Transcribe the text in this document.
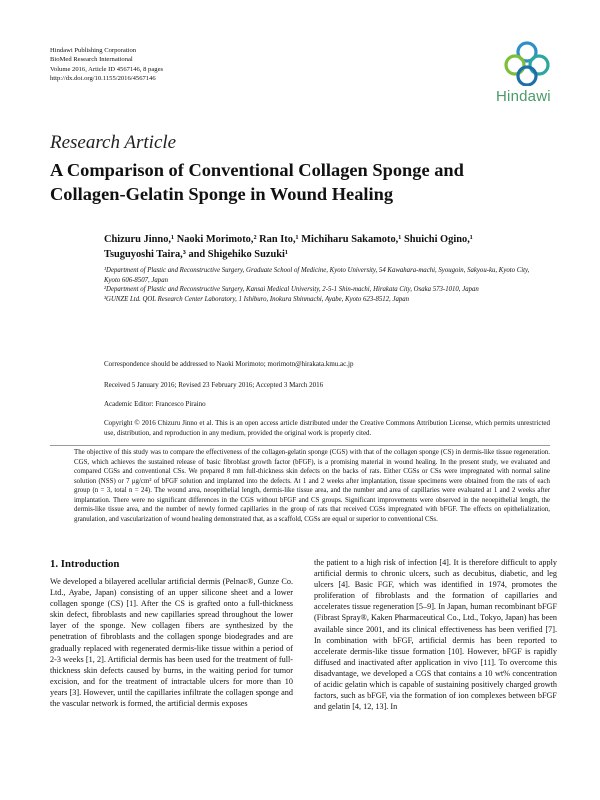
Hindawi Publishing Corporation
BioMed Research International
Volume 2016, Article ID 4567146, 8 pages
http://dx.doi.org/10.1155/2016/4567146
Hindawi
Research Article
A Comparison of Conventional Collagen Sponge and Collagen-Gelatin Sponge in Wound Healing
Chizuru Jinno,¹ Naoki Morimoto,² Ran Ito,¹ Michiharu Sakamoto,¹ Shuichi Ogino,¹ Tsuguyoshi Taira,³ and Shigehiko Suzuki¹
¹Department of Plastic and Reconstructive Surgery, Graduate School of Medicine, Kyoto University, 54 Kawahara-machi, Syougoin, Sakyou-ku, Kyoto City, Kyoto 606-8507, Japan
²Department of Plastic and Reconstructive Surgery, Kansai Medical University, 2-5-1 Shin-machi, Hirakata City, Osaka 573-1010, Japan
³GUNZE Ltd. QOL Research Center Laboratory, 1 Ishiburo, Inokura Shinmachi, Ayabe, Kyoto 623-8512, Japan
Correspondence should be addressed to Naoki Morimoto; morimotn@hirakata.kmu.ac.jp
Received 5 January 2016; Revised 23 February 2016; Accepted 3 March 2016
Academic Editor: Francesco Piraino
Copyright © 2016 Chizuru Jinno et al. This is an open access article distributed under the Creative Commons Attribution License, which permits unrestricted use, distribution, and reproduction in any medium, provided the original work is properly cited.
The objective of this study was to compare the effectiveness of the collagen-gelatin sponge (CGS) with that of the collagen sponge (CS) in dermis-like tissue regeneration. CGS, which achieves the sustained release of basic fibroblast growth factor (bFGF), is a promising material in wound healing. In the present study, we evaluated and compared CGSs and conventional CSs. We prepared 8 mm full-thickness skin defects on the backs of rats. Either CGSs or CSs were impregnated with normal saline solution (NSS) or 7 μg/cm² of bFGF solution and implanted into the defects. At 1 and 2 weeks after implantation, tissue specimens were obtained from the rats of each group (n = 3, total n = 24). The wound area, neoepithelial length, dermis-like tissue area, and the number and area of capillaries were evaluated at 1 and 2 weeks after implantation. There were no significant differences in the CGS without bFGF and CS groups. Significant improvements were observed in the neoepithelial length, the dermis-like tissue area, and the number of newly formed capillaries in the group of rats that received CGSs impregnated with bFGF. The effects on epithelialization, granulation, and vascularization of wound healing demonstrated that, as a scaffold, CGSs are equal or superior to conventional CSs.
1. Introduction

We developed a bilayered acellular artificial dermis (Pelnac®, Gunze Co. Ltd., Ayabe, Japan) consisting of an upper silicone sheet and a lower collagen sponge (CS) [1]. After the CS is grafted onto a full-thickness skin defect, fibroblasts and new capillaries spread throughout the lower layer of the sponge. New collagen fibers are synthesized by the penetration of fibroblasts and the collagen sponge biodegrades and are gradually replaced with regenerated dermis-like tissue within a period of 2-3 weeks [1, 2]. Artificial dermis has been used for the treatment of full-thickness skin defects caused by burns, in the waiting period for tumor excision, and for the treatment of intractable ulcers for more than 10 years [3]. However, until the capillaries infiltrate the collagen sponge and the vascular network is formed, the artificial dermis exposes

the patient to a high risk of infection [4]. It is therefore difficult to apply artificial dermis to chronic ulcers, such as decubitus, diabetic, and leg ulcers [4]. Basic FGF, which was identified in 1974, promotes the proliferation of fibroblasts and the formation of capillaries and accelerates tissue regeneration [5–9]. In Japan, human recombinant bFGF (Fibrast Spray®, Kaken Pharmaceutical Co., Ltd., Tokyo, Japan) has been available since 2001, and its clinical effectiveness has been verified [7]. In combination with bFGF, artificial dermis has been reported to accelerate dermis-like tissue formation [10]. However, bFGF is rapidly diffused and inactivated after application in vivo [11]. To overcome this disadvantage, we developed a CGS that contains a 10 wt% concentration of acidic gelatin which is capable of sustaining positively charged growth factors, such as bFGF, via the formation of ion complexes between bFGF and gelatin [4, 12, 13]. In
